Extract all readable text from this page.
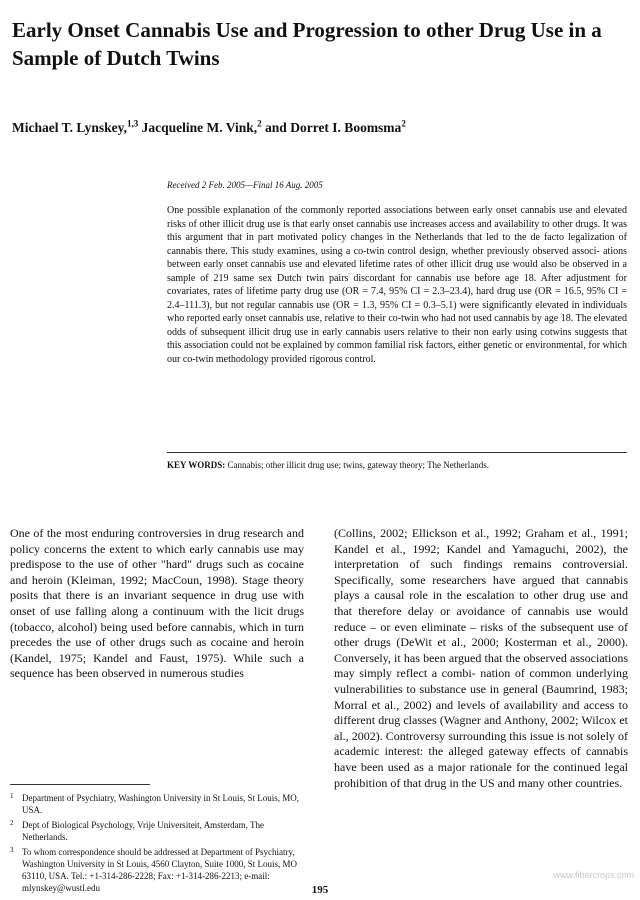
Early Onset Cannabis Use and Progression to other Drug Use in a Sample of Dutch Twins

Michael T. Lynskey,$^{1,3}$ Jacqueline M. Vink,$^2$ and Dorret I. Boomsma$^2$

Received 2 Feb. 2005—Final 16 Aug. 2005

One possible explanation of the commonly reported associations between early onset cannabis use and elevated risks of other illicit drug use is that early onset cannabis use increases access and availability to other drugs. It was this argument that in part motivated policy changes in the Netherlands that led to the de facto legalization of cannabis there. This study examines, using a co-twin control design, whether previously observed associ- ations between early onset cannabis use and elevated lifetime rates of other illicit drug use would also be observed in a sample of 219 same sex Dutch twin pairs discordant for cannabis use before age 18. After adjustment for covariates, rates of lifetime party drug use (OR = 7.4, 95% CI = 2.3–23.4), hard drug use (OR = 16.5, 95% CI = 2.4–111.3), but not regular cannabis use (OR = 1.3, 95% CI = 0.3–5.1) were significantly elevated in individuals who reported early onset cannabis use, relative to their co-twin who had not used cannabis by age 18. The elevated odds of subsequent illicit drug use in early cannabis users relative to their non early using cotwins suggests that this association could not be explained by common familial risk factors, either genetic or environmental, for which our co-twin methodology provided rigorous control.

KEY WORDS: Cannabis; other illicit drug use; twins, gateway theory; The Netherlands.

One of the most enduring controversies in drug research and policy concerns the extent to which early cannabis use may predispose to the use of other "hard" drugs such as cocaine and heroin (Kleiman, 1992; MacCoun, 1998). Stage theory posits that there is an invariant sequence in drug use with onset of use falling along a continuum with the licit drugs (tobacco, alcohol) being used before cannabis, which in turn precedes the use of other drugs such as cocaine and heroin (Kandel, 1975; Kandel and Faust, 1975). While such a sequence has been observed in numerous studies

(Collins, 2002; Ellickson et al., 1992; Graham et al., 1991; Kandel et al., 1992; Kandel and Yamaguchi, 2002), the interpretation of such findings remains controversial. Specifically, some researchers have argued that cannabis plays a causal role in the escalation to other drug use and that therefore delay or avoidance of cannabis use would reduce – or even eliminate – risks of the subsequent use of other drugs (DeWit et al., 2000; Kosterman et al., 2000). Conversely, it has been argued that the observed associations may simply reflect a combi- nation of common underlying vulnerabilities to substance use in general (Baumrind, 1983; Morral et al., 2002) and levels of availability and access to different drug classes (Wagner and Anthony, 2002; Wilcox et al., 2002). Controversy surrounding this issue is not solely of academic interest: the alleged gateway effects of cannabis have been used as a major rationale for the continued legal prohibition of that drug in the US and many other countries.

1 Department of Psychiatry, Washington University in St Louis, St Louis, MO, USA.
2 Dept of Biological Psychology, Vrije Universiteit, Amsterdam, The Netherlands.
3 To whom correspondence should be addressed at Department of Psychiatry, Washington University in St Louis, 4560 Clayton, Suite 1000, St Louis, MO 63110, USA. Tel.: +1-314-286-2228; Fax: +1-314-286-2213; e-mail: mlynskey@wustl.edu	195

www.fibercrops.com
